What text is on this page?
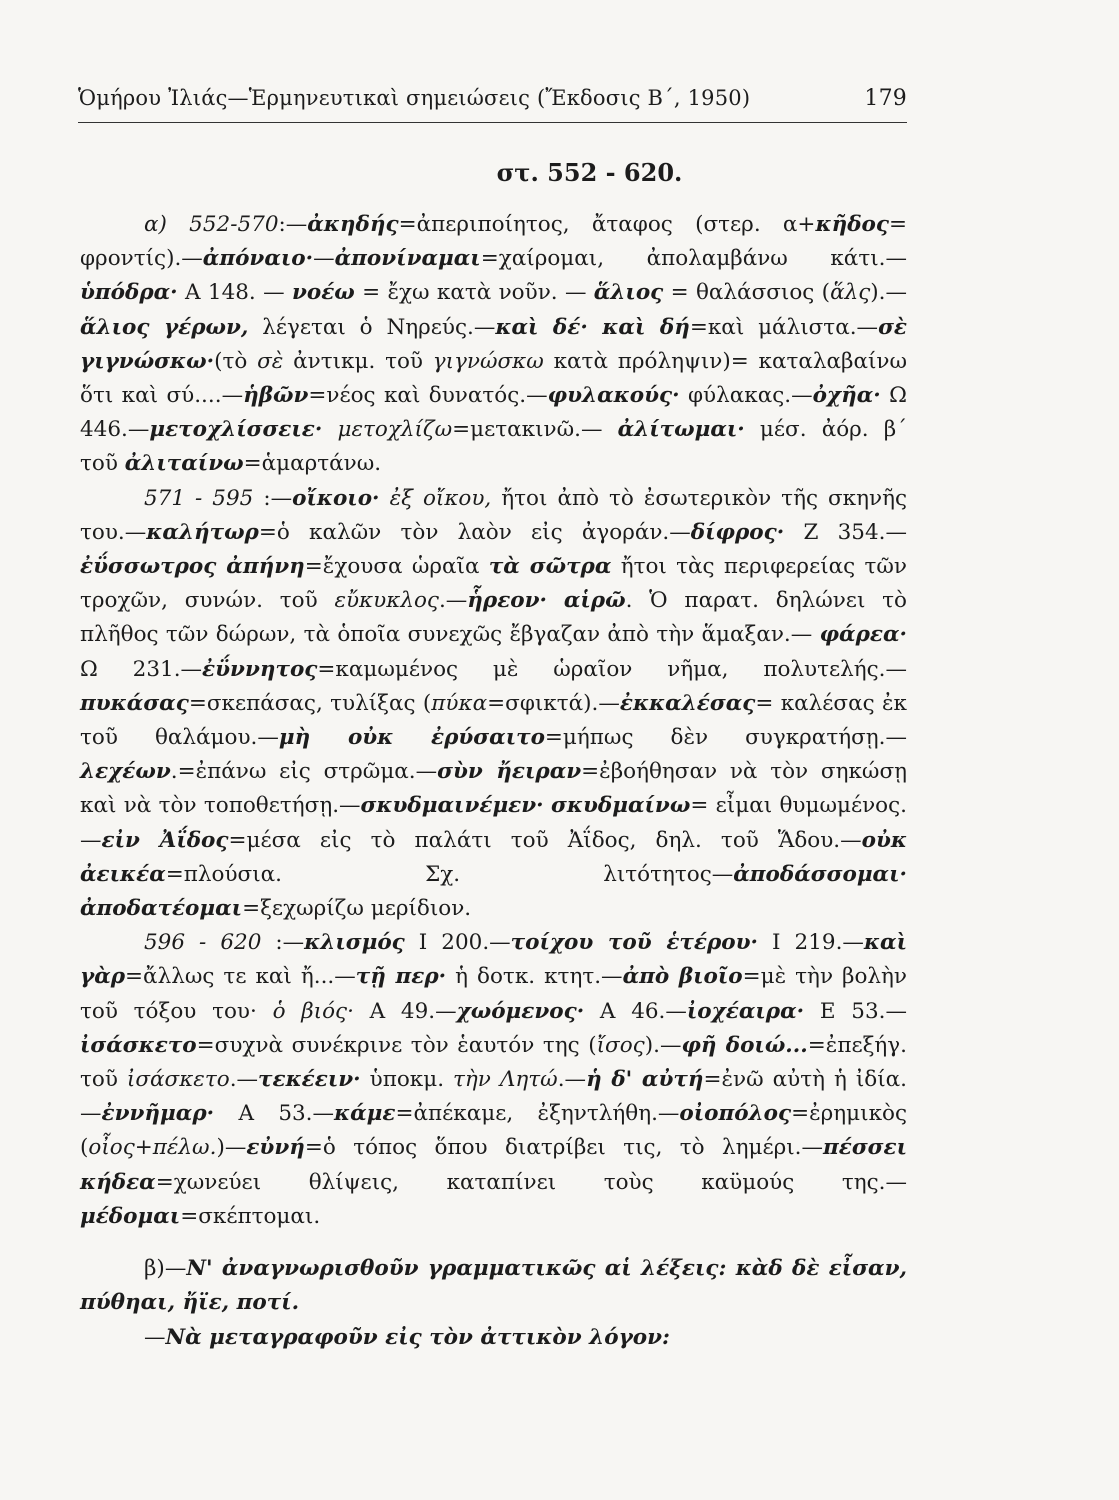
Ὁμήρου Ἰλιάς—Ἑρμηνευτικαὶ σημειώσεις (Ἔκδοσις Β΄, 1950)	179
στ. 552 - 620.

α) 552-570:—ἀκηδής=ἀπεριποίητος, ἄταφος (στερ. α+κῆδος= φροντίς).—ἀπόναιο·—ἀπονίναμαι=χαίρομαι, ἀπολαμβάνω κάτι.— ὑπόδρα· Α 148. — νοέω = ἔχω κατὰ νοῦν. — ἅλιος = θαλάσσιος (ἅλς).—ἅλιος γέρων, λέγεται ὁ Νηρεύς.—καὶ δέ· καὶ δή=καὶ μάλιστα.—σὲ γιγνώσκω·(τὸ σὲ ἀντικμ. τοῦ γιγνώσκω κατὰ πρόληψιν)= καταλαβαίνω ὅτι καὶ σύ....—ἡβῶν=νέος καὶ δυνατός.—φυλακούς· φύλακας.—ὀχῆα· Ω 446.—μετοχλίσσειε· μετοχλίζω=μετακινῶ.— ἀλίτωμαι· μέσ. ἀόρ. β΄ τοῦ ἀλιταίνω=ἁμαρτάνω.

571 - 595 :—οἴκοιο· ἐξ οἴκου, ἤτοι ἀπὸ τὸ ἐσωτερικὸν τῆς σκηνῆς του.—καλήτωρ=ὁ καλῶν τὸν λαὸν εἰς ἀγοράν.—δίφρος· Ζ 354.— ἐΰσσωτρος ἀπήνη=ἔχουσα ὡραῖα τὰ σῶτρα ἤτοι τὰς περιφερείας τῶν τροχῶν, συνών. τοῦ εὔκυκλος.—ἧρεον· αἱρῶ. Ὁ παρατ. δηλώνει τὸ πλῆθος τῶν δώρων, τὰ ὁποῖα συνεχῶς ἔβγαζαν ἀπὸ τὴν ἅμαξαν.— φάρεα· Ω 231.—ἐΰννητος=καμωμένος μὲ ὡραῖον νῆμα, πολυτελής.—πυκάσας=σκεπάσας, τυλίξας (πύκα=σφικτά).—ἐκκαλέσας= καλέσας ἐκ τοῦ θαλάμου.—μὴ οὐκ ἐρύσαιτο=μήπως δὲν συγκρατήσῃ.—λεχέων.=ἐπάνω εἰς στρῶμα.—σὺν ἤειραν=ἐβοήθησαν νὰ τὸν σηκώσῃ καὶ νὰ τὸν τοποθετήσῃ.—σκυδμαινέμεν· σκυδμαίνω= εἶμαι θυμωμένος.—εἰν Ἀΐδος=μέσα εἰς τὸ παλάτι τοῦ Ἀΐδος, δηλ. τοῦ Ἅδου.—οὐκ ἀεικέα=πλούσια. Σχ. λιτότητος—ἀποδάσσομαι· ἀποδατέομαι=ξεχωρίζω μερίδιον.

596 - 620 :—κλισμός Ι 200.—τοίχου τοῦ ἑτέρου· Ι 219.—καὶ γὰρ=ἄλλως τε καὶ ἤ...—τῇ περ· ἡ δοτκ. κτητ.—ἀπὸ βιοῖο=μὲ τὴν βολὴν τοῦ τόξου του· ὁ βιός· Α 49.—χωόμενος· Α 46.—ἰοχέαιρα· Ε 53.—ἰσάσκετο=συχνὰ συνέκρινε τὸν ἑαυτόν της (ἴσος).—φῆ δοιώ...=ἐπεξήγ. τοῦ ἰσάσκετο.—τεκέειν· ὑποκμ. τὴν Λητώ.—ἡ δ' αὐτή=ἐνῶ αὐτὴ ἡ ἰδία.—ἐννῆμαρ· Α 53.—κάμε=ἀπέκαμε, ἐξηντλήθη.—οἰοπόλος=ἐρημικὸς (οἶος+πέλω.)—εὐνή=ὁ τόπος ὅπου διατρίβει τις, τὸ λημέρι.—πέσσει κήδεα=χωνεύει θλίψεις, καταπίνει τοὺς καϋμούς της.—μέδομαι=σκέπτομαι.

β)—Ν' ἀναγνωρισθοῦν γραμματικῶς αἱ λέξεις: κὰδ δὲ εἶσαν, πύθηαι, ἤϊε, ποτί.

—Νὰ μεταγραφοῦν εἰς τὸν ἀττικὸν λόγον:
